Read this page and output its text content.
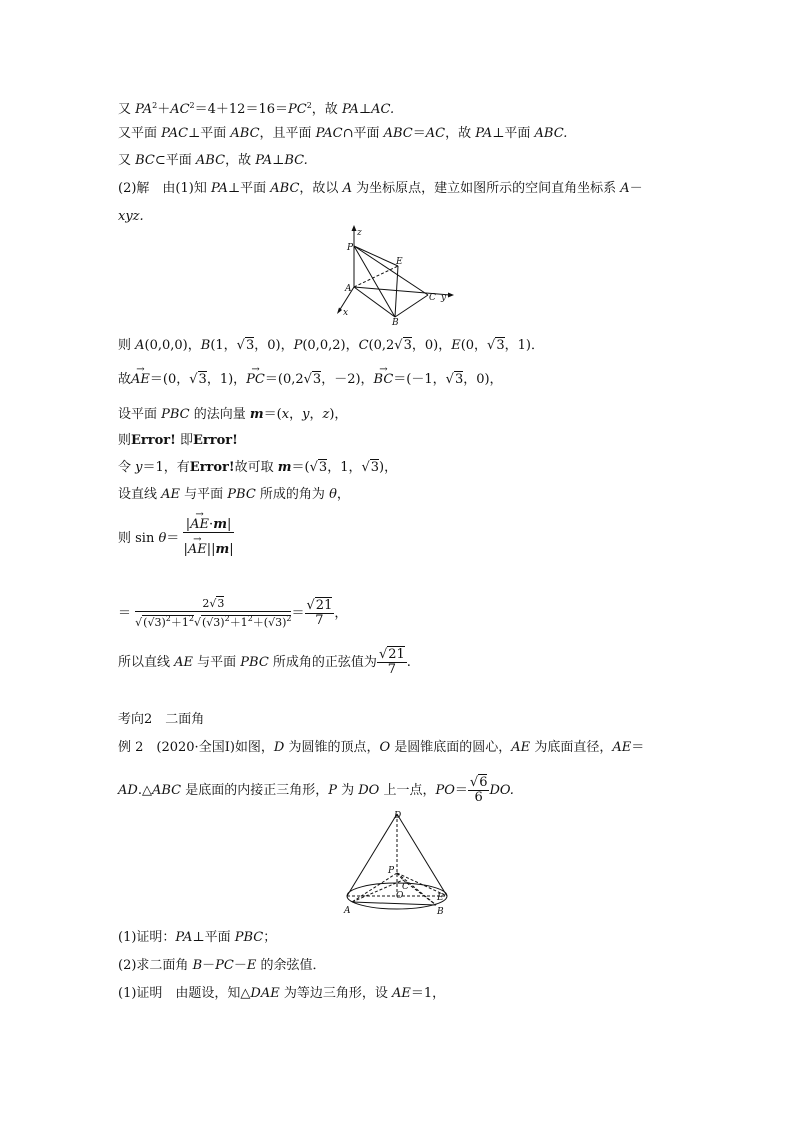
又 $PA^2+AC^2=4+12=16=PC^2$，故 PA⊥AC.
又平面 PAC⊥平面 ABC，且平面 PAC∩平面 ABC＝AC，故 PA⊥平面 ABC.
又 BC⊂平面 ABC，故 PA⊥BC.
(2)解　由(1)知 PA⊥平面 ABC，故以 A 为坐标原点，建立如图所示的空间直角坐标系 A－
xyz.
P
z
E
A
C y
x
B
则 A(0,0,0)，B(1，√ 3，0)，P(0,0,2)，C(0,2√ 3，0)，E(0，√ 3，1)．
故→ AE＝(0，√ 3，1)，→ PC＝(0,2√ 3，－2)，→ BC＝(－1，√ 3，0)，
设平面 PBC 的法向量 m＝(x，y，z)，
则Error! 即Error!
令 y＝1，有Error!故可取 m＝(√ 3，1，√ 3)，
设直线 AE 与平面 PBC 所成的角为 θ，
则 $\sin \theta= \frac{|\to AE\cdot m|}{|\to AE||m|}$
＝ 2√ 3
√ (√ $3)^2+1^2√$ (√ $3)^2+1^2+(√$ 3)$^2$ ＝
√ $\frac{21}{7}$ ，
所以直线 AE 与平面 PBC 所成角的正弦值为
√ $\frac{21}{7}$ .
考向2　二面角
例 2　(2020·全国Ⅰ)如图，D 为圆锥的顶点，O 是圆锥底面的圆心，AE 为底面直径，AE＝
AD.△ABC 是底面的内接正三角形，P 为 DO 上一点，PO＝
√ $\frac{6}{6}$ DO.
D
P
C
O
A
E
B
(1)证明：PA⊥平面 PBC；
(2)求二面角 B－PC－E 的余弦值．
(1)证明　由题设，知△DAE 为等边三角形，设 AE＝1，
